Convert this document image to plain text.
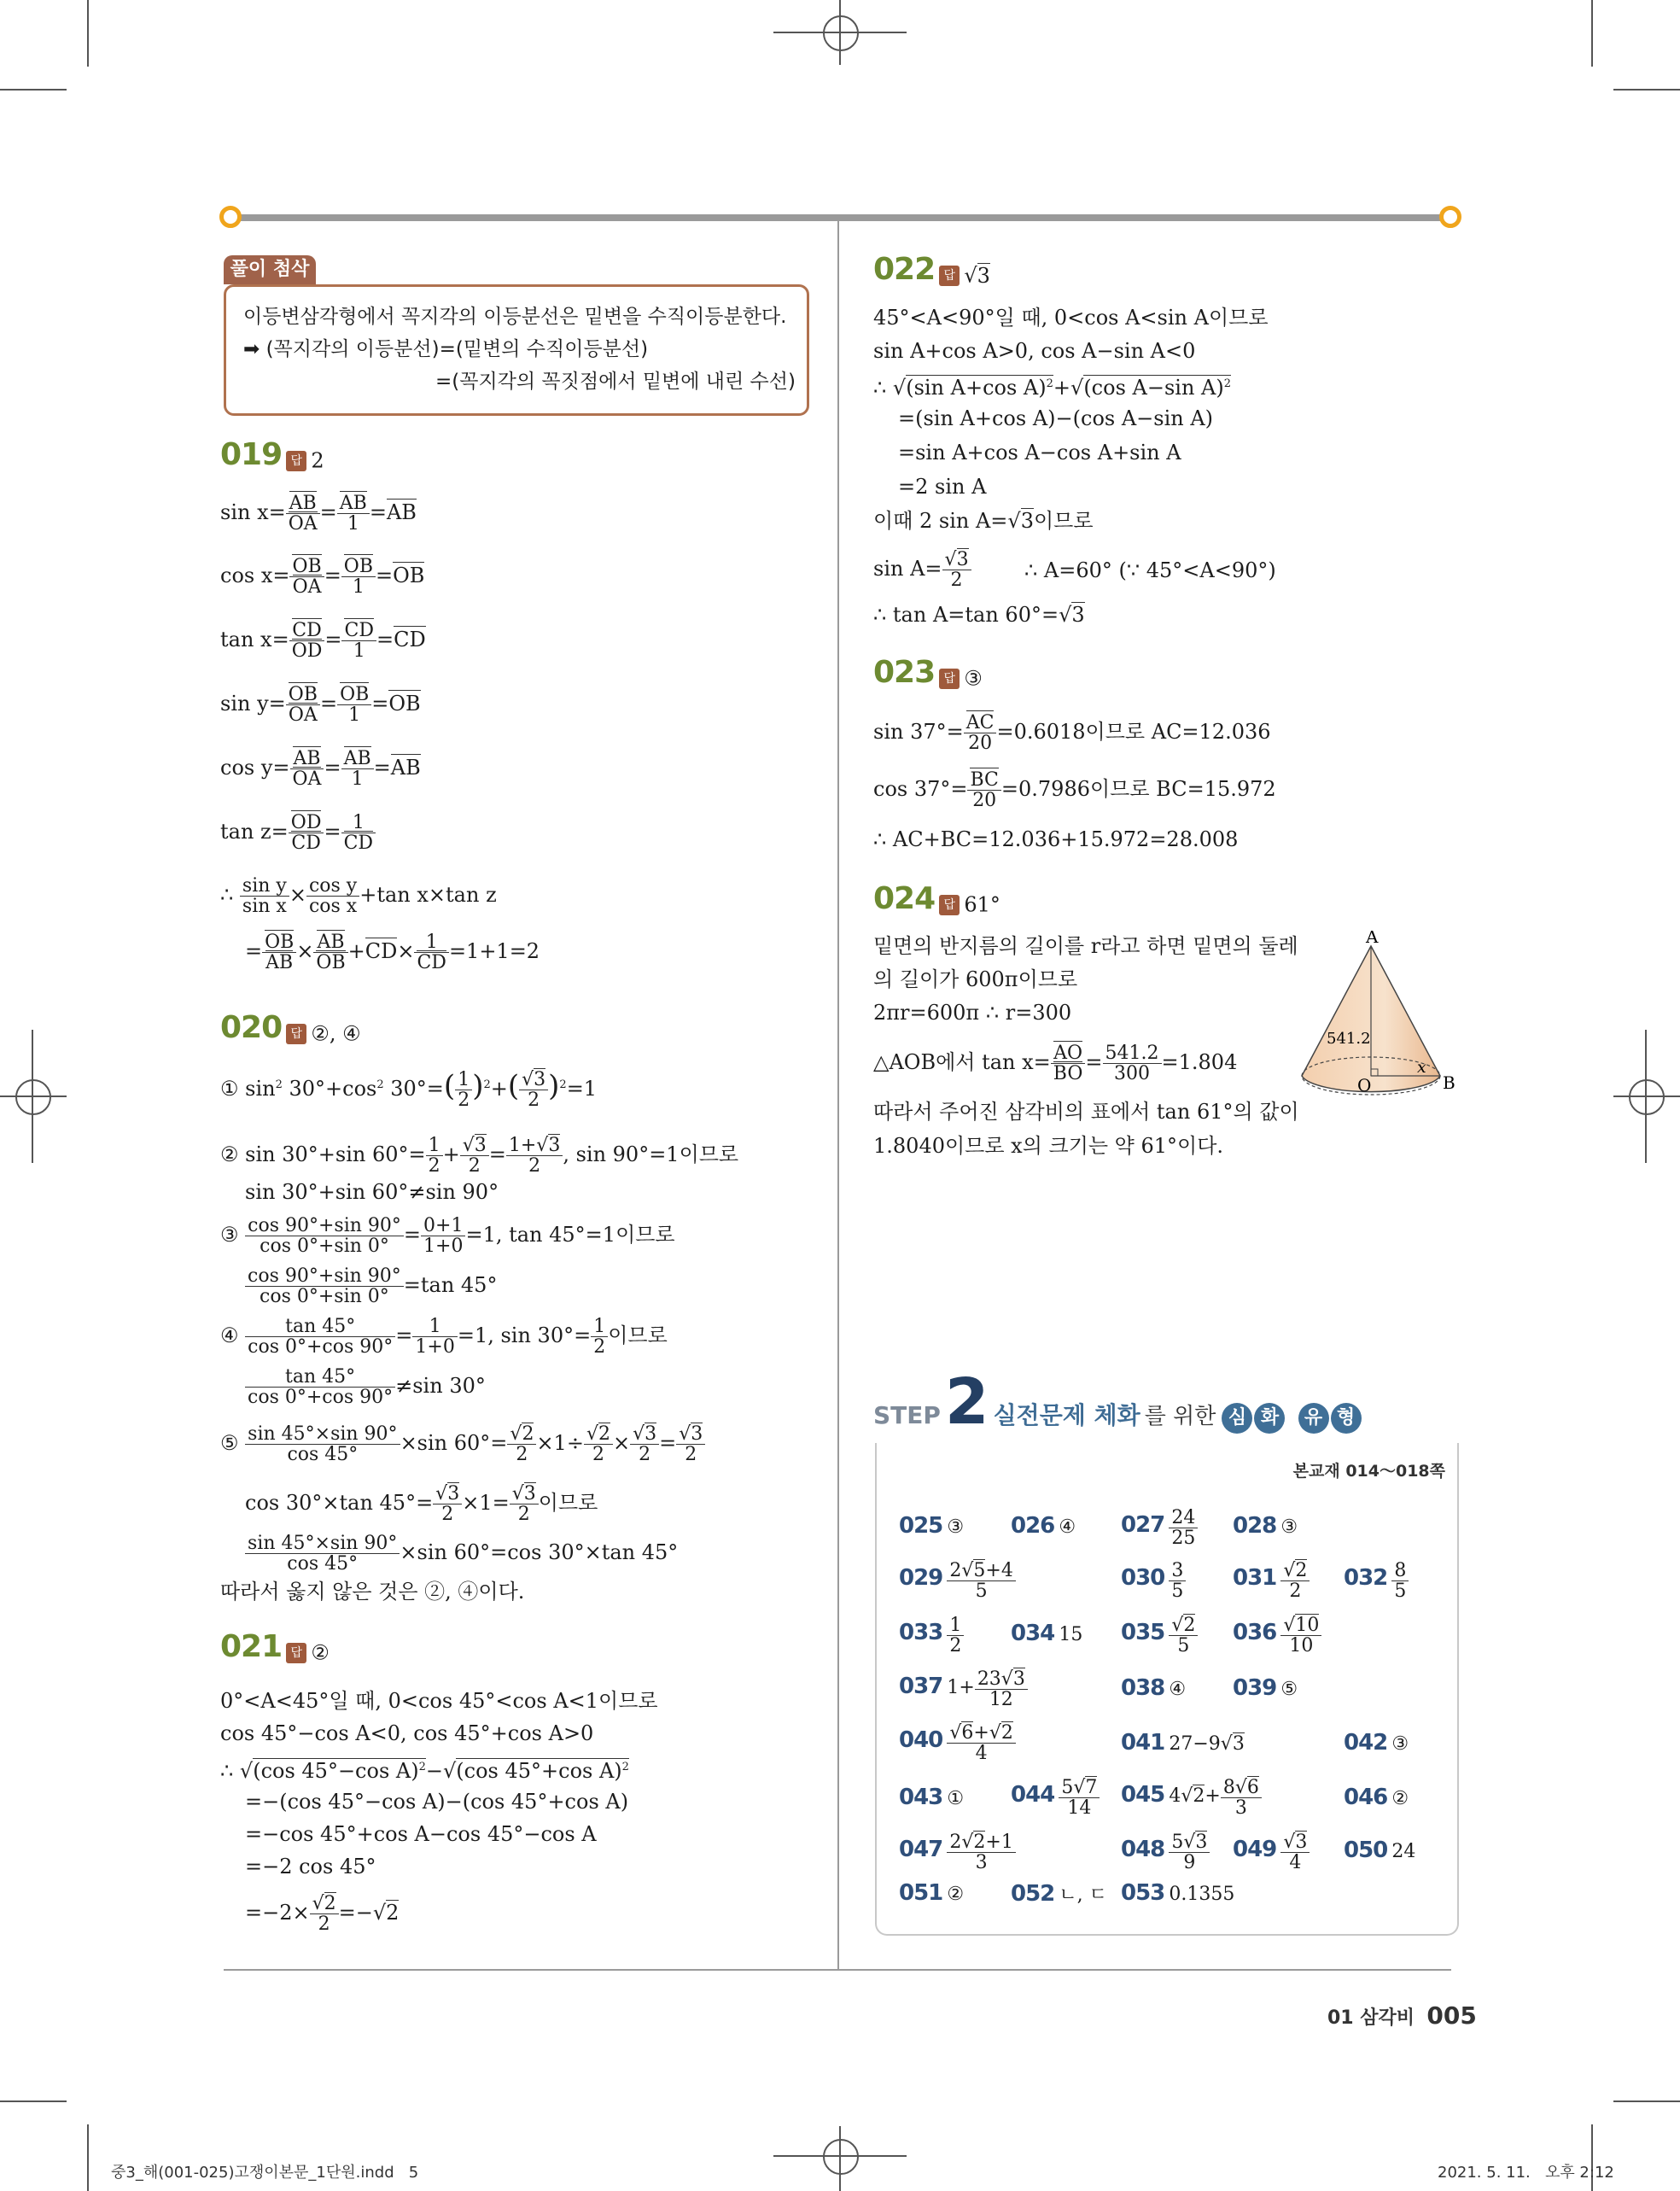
풀이 첨삭
이등변삼각형에서 꼭지각의 이등분선은 밑변을 수직이등분한다.
➡ (꼭지각의 이등분선)=(밑변의 수직이등분선)
=(꼭지각의 꼭짓점에서 밑변에 내린 수선)
019 답 2
$\sin x= \frac{AB}{OA} = \frac{AB}{1} =AB$
$\cos x= \frac{OB}{OA} = \frac{OB}{1} =OB$
$\tan x= \frac{CD}{OD} = \frac{CD}{1} =CD$
$\sin y= \frac{OB}{OA} = \frac{OB}{1} =OB$
$\cos y= \frac{AB}{OA} = \frac{AB}{1} =AB$
$\tan z= \frac{OD}{CD} = \frac{1}{CD}$
∴ $\frac{\text{sin y}}{\text{sin x}} \times \frac{\text{cos y}}{\text{cos x}} +\tan$ x×tan z
= $\frac{OB}{AB} \times \frac{AB}{OB} +CD\times \frac{1}{CD} =1+1=2$
020 답 ②, ④
① $\sin^2 30^\circ+\cos^2$ $30^\circ=( \frac{1}{2} )^2+( \frac{√3}{2} )^2=1$
② sin 30°+sin $60^\circ= \frac{1}{2} + \frac{√3}{2} = \frac{1+√3}{2}$ , sin 90°=1이므로
sin 30°+sin 60°≠sin 90°
③ $\frac{\cos 90^\circ+\sin 90^\circ}{\cos 0^\circ+\sin 0^\circ} = \frac{0+1}{1+0} =1$, tan 45°=1이므로
$\frac{\cos 90^\circ+\sin 90^\circ}{\cos 0^\circ+\sin 0^\circ} =\tan$ 45°
④ $\frac{\tan 45^\circ}{\cos 0^\circ+\cos 90^\circ} = \frac{1}{1+0} =1$, $\sin 30^\circ= \frac{1}{2}$ 이므로
$\frac{\tan 45^\circ}{\cos 0^\circ+\cos 90^\circ} \ne\sin$ 30°
⑤ $\frac{\sin 45^\circ\times\sin 90^\circ}{\cos 45^\circ} \times\sin$ $60^\circ= \frac{√2}{2} \times 1\div \frac{√2}{2} \times \frac{√3}{2} = \frac{√3}{2}$
cos 30°×tan $45^\circ= \frac{√3}{2} \times 1= \frac{√3}{2}$ 이므로
$\frac{\sin 45^\circ\times\sin 90^\circ}{\cos 45^\circ} \times\sin$ 60°=cos 30°×tan 45°
따라서 옳지 않은 것은 ②, ④이다.
021 답 ②
0°<A<45°일 때, 0<cos 45°<cos A<1이므로
cos 45°−cos A<0, cos 45°+cos A>0
∴ √(cos 45°−cos A)$^2$−√(cos 45°+cos A)$^2$
=−(cos 45°−cos A)−(cos 45°+cos A)
=−cos 45°+cos A−cos 45°−cos A
=−2 cos 45°
$=-2\times \frac{√2}{2} =-√2$
022 답 √3
45°<A<90°일 때, 0<cos A<sin A이므로
sin A+cos A>0, cos A−sin A<0
∴ √(sin A+cos A)$^2$+√(cos A−sin A)$^2$
=(sin A+cos A)−(cos A−sin A)
=sin A+cos A−cos A+sin A
=2 sin A
이때 2 sin A=√3이므로
$\sin A= \frac{√3}{2}$	∴ A=60° (∵ 45°<A<90°)
∴ tan A=tan 60°=√3
023 답 ③
$\sin 37^\circ= \frac{AC}{20} =0.6018$이므로 AC=12.036
$\cos 37^\circ= \frac{BC}{20} =0.7986$이므로 BC=15.972
∴ AC+BC=12.036+15.972=28.008
024 답 61°
밑면의 반지름의 길이를 r라고 하면 밑면의 둘레
의 길이가 600π이므로
2πr=600π ∴ r=300
△AOB에서 $\tan x= \frac{AO}{BO} = \frac{541.2}{300} =1.804$
따라서 주어진 삼각비의 표에서 tan 61°의 값이
1.8040이므로 x의 크기는 약 61°이다.
A
B
O
x
541.2
STEP 2 실전문제 체화 를 위한 심 화 유 형
본교재 014～018쪽
025 ③ 026 ④ $027 \frac{24}{25} 028$ ③
$029 \frac{2√5+4}{5}$	$030 \frac{3}{5} 031 \frac{√2}{2} 032 \frac{8}{5}$
$033 \frac{1}{2} 034$ 15 $035 \frac{√2}{5} 036 \frac{√10}{10}$
037 $1+ \frac{23√3}{12}$	038 ④ 039 ⑤
$040 \frac{√6+√2}{4}$	041 27−9√3	042 ③
043 ① $044 \frac{5√7}{14} 045$ $4√2+ \frac{8√6}{3}$	046 ②
$047 \frac{2√2+1}{3}$	$048 \frac{5√3}{9} 049 \frac{√3}{4} 050$ 24
051 ② 052 ㄴ, ㄷ 053 0.1355
01 삼각비 005
중3_해(001-025)고쟁이본문_1단원.indd   5	2021. 5. 11.   오후 2:12
